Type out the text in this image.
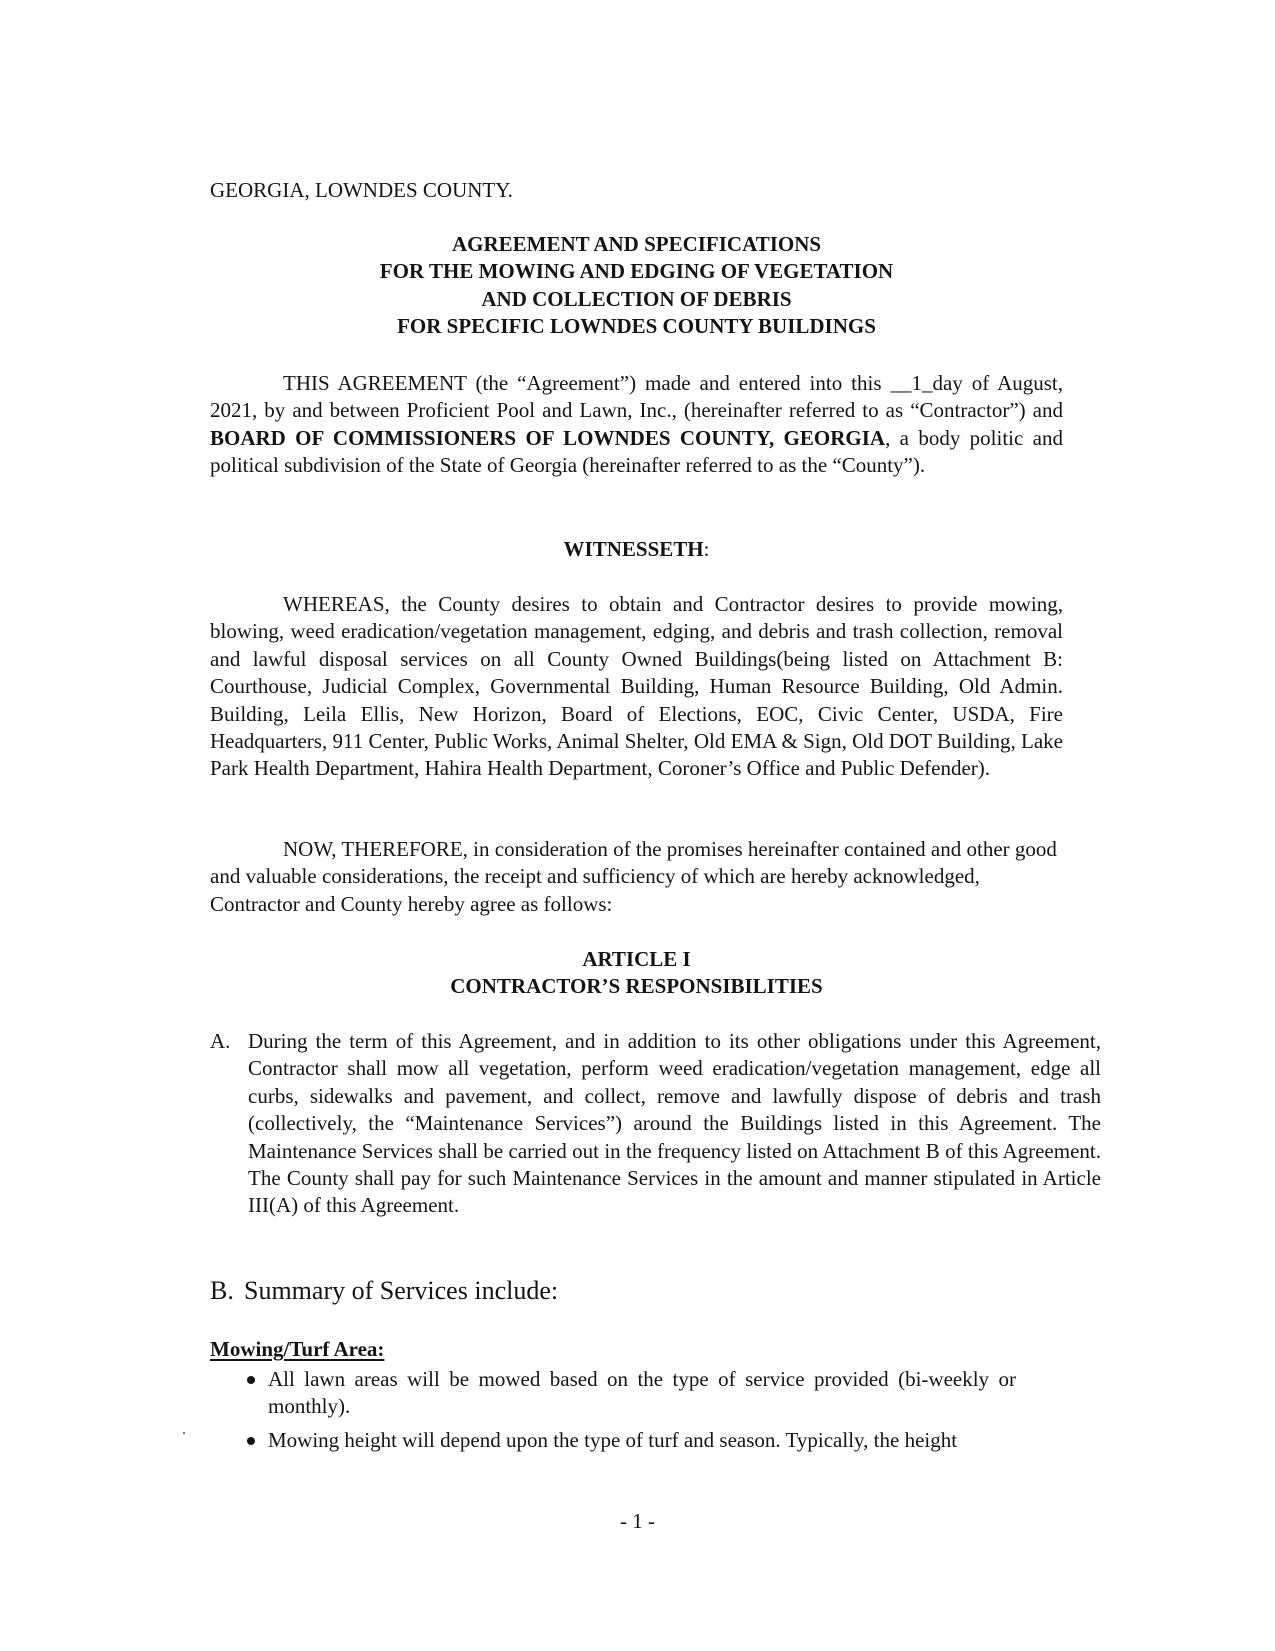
GEORGIA, LOWNDES COUNTY.
AGREEMENT AND SPECIFICATIONS
FOR THE MOWING AND EDGING OF VEGETATION
AND COLLECTION OF DEBRIS
FOR SPECIFIC LOWNDES COUNTY BUILDINGS
THIS AGREEMENT (the “Agreement”) made and entered into this __1_day of August, 2021, by and between Proficient Pool and Lawn, Inc., (hereinafter referred to as “Contractor”) and BOARD OF COMMISSIONERS OF LOWNDES COUNTY, GEORGIA, a body politic and political subdivision of the State of Georgia (hereinafter referred to as the “County”).
WITNESSETH:
WHEREAS, the County desires to obtain and Contractor desires to provide mowing, blowing, weed eradication/vegetation management, edging, and debris and trash collection, removal and lawful disposal services on all County Owned Buildings(being listed on Attachment B: Courthouse, Judicial Complex, Governmental Building, Human Resource Building, Old Admin. Building, Leila Ellis, New Horizon, Board of Elections, EOC, Civic Center, USDA, Fire Headquarters, 911 Center, Public Works, Animal Shelter, Old EMA & Sign, Old DOT Building, Lake Park Health Department, Hahira Health Department, Coroner’s Office and Public Defender).
NOW, THEREFORE, in consideration of the promises hereinafter contained and other good and valuable considerations, the receipt and sufficiency of which are hereby acknowledged, Contractor and County hereby agree as follows:
ARTICLE I
CONTRACTOR’S RESPONSIBILITIES
A. During the term of this Agreement, and in addition to its other obligations under this Agreement, Contractor shall mow all vegetation, perform weed eradication/vegetation management, edge all curbs, sidewalks and pavement, and collect, remove and lawfully dispose of debris and trash (collectively, the “Maintenance Services”) around the Buildings listed in this Agreement. The Maintenance Services shall be carried out in the frequency listed on Attachment B of this Agreement. The County shall pay for such Maintenance Services in the amount and manner stipulated in Article III(A) of this Agreement.
B. Summary of Services include:
Mowing/Turf Area:
All lawn areas will be mowed based on the type of service provided (bi-weekly or monthly).
Mowing height will depend upon the type of turf and season. Typically, the height
- 1 -
